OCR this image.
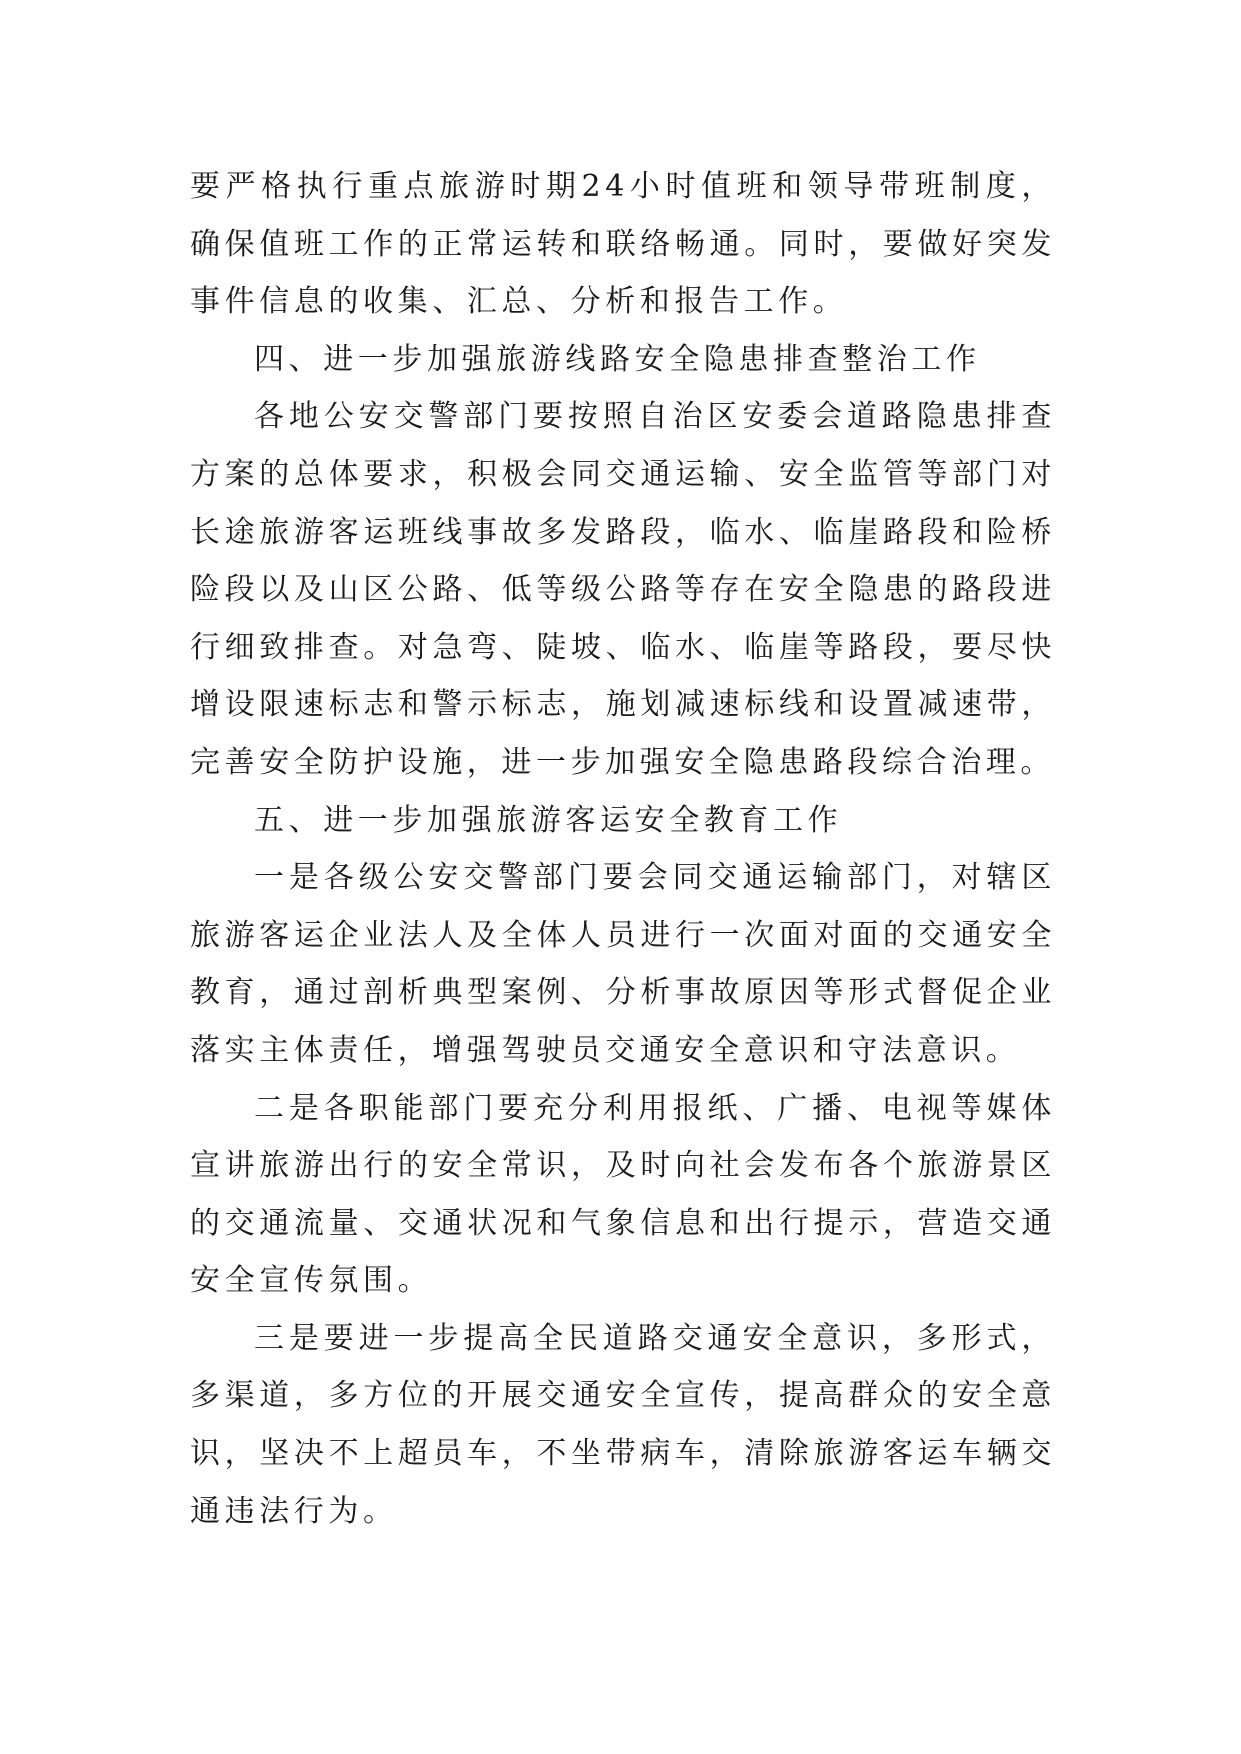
要严格执行重点旅游时期24小时值班和领导带班制度，确保值班工作的正常运转和联络畅通。同时，要做好突发事件信息的收集、汇总、分析和报告工作。

四、进一步加强旅游线路安全隐患排查整治工作

各地公安交警部门要按照自治区安委会道路隐患排查方案的总体要求，积极会同交通运输、安全监管等部门对长途旅游客运班线事故多发路段，临水、临崖路段和险桥险段以及山区公路、低等级公路等存在安全隐患的路段进行细致排查。对急弯、陡坡、临水、临崖等路段，要尽快增设限速标志和警示标志，施划减速标线和设置减速带，完善安全防护设施，进一步加强安全隐患路段综合治理。

五、进一步加强旅游客运安全教育工作

一是各级公安交警部门要会同交通运输部门，对辖区旅游客运企业法人及全体人员进行一次面对面的交通安全教育，通过剖析典型案例、分析事故原因等形式督促企业落实主体责任，增强驾驶员交通安全意识和守法意识。

二是各职能部门要充分利用报纸、广播、电视等媒体宣讲旅游出行的安全常识，及时向社会发布各个旅游景区的交通流量、交通状况和气象信息和出行提示，营造交通安全宣传氛围。

三是要进一步提高全民道路交通安全意识，多形式，多渠道，多方位的开展交通安全宣传，提高群众的安全意识，坚决不上超员车，不坐带病车，清除旅游客运车辆交通违法行为。
